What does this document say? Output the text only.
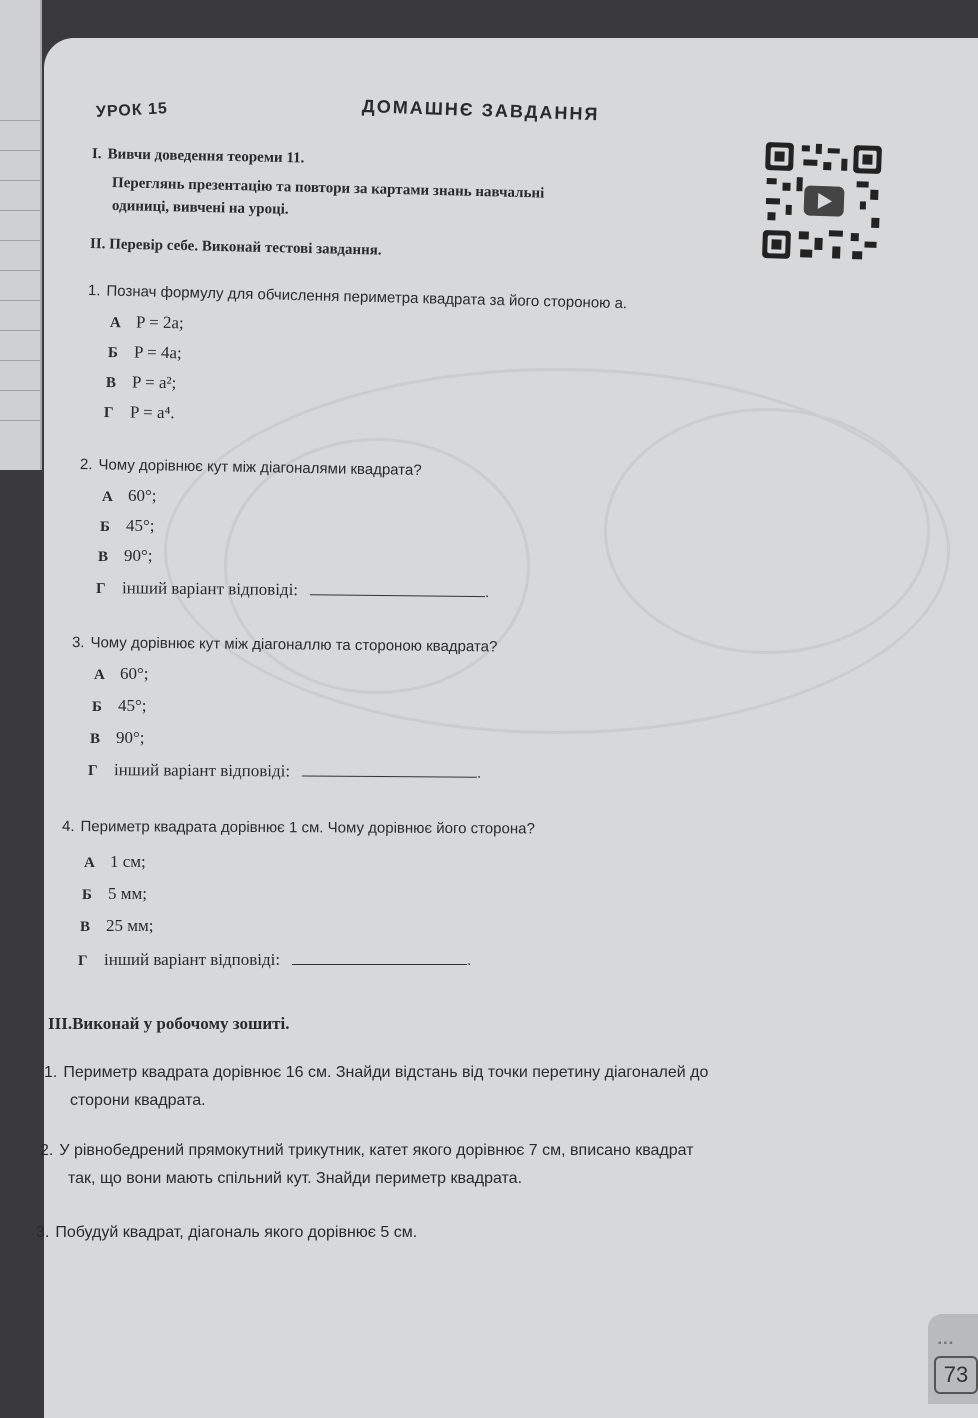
УРОК 15	ДОМАШНЄ ЗАВДАННЯ
I. Вивчи доведення теореми 11.
Переглянь презентацію та повтори за картами знань навчальні
одиниці, вивчені на уроці.
II. Перевір себе. Виконай тестові завдання.
1. Познач формулу для обчислення периметра квадрата за його стороною a.
А P = 2a;
Б P = 4a;
В P = a²;
Г P = a⁴.
2. Чому дорівнює кут між діагоналями квадрата?
А 60°;
Б 45°;
В 90°;
Г інший варіант відповіді:	.
3. Чому дорівнює кут між діагоналлю та стороною квадрата?
А 60°;
Б 45°;
В 90°;
Г інший варіант відповіді:	.
4. Периметр квадрата дорівнює 1 см. Чому дорівнює його сторона?
А 1 см;
Б 5 мм;
В 25 мм;
Г інший варіант відповіді:	.
III.Виконай у робочому зошиті.
1. Периметр квадрата дорівнює 16 см. Знайди відстань від точки перетину діагоналей до
сторони квадрата.
2. У рівнобедрений прямокутний трикутник, катет якого дорівнює 7 см, вписано квадрат
так, що вони мають спільний кут. Знайди периметр квадрата.
3. Побудуй квадрат, діагональ якого дорівнює 5 см.
▪▪▪
73
